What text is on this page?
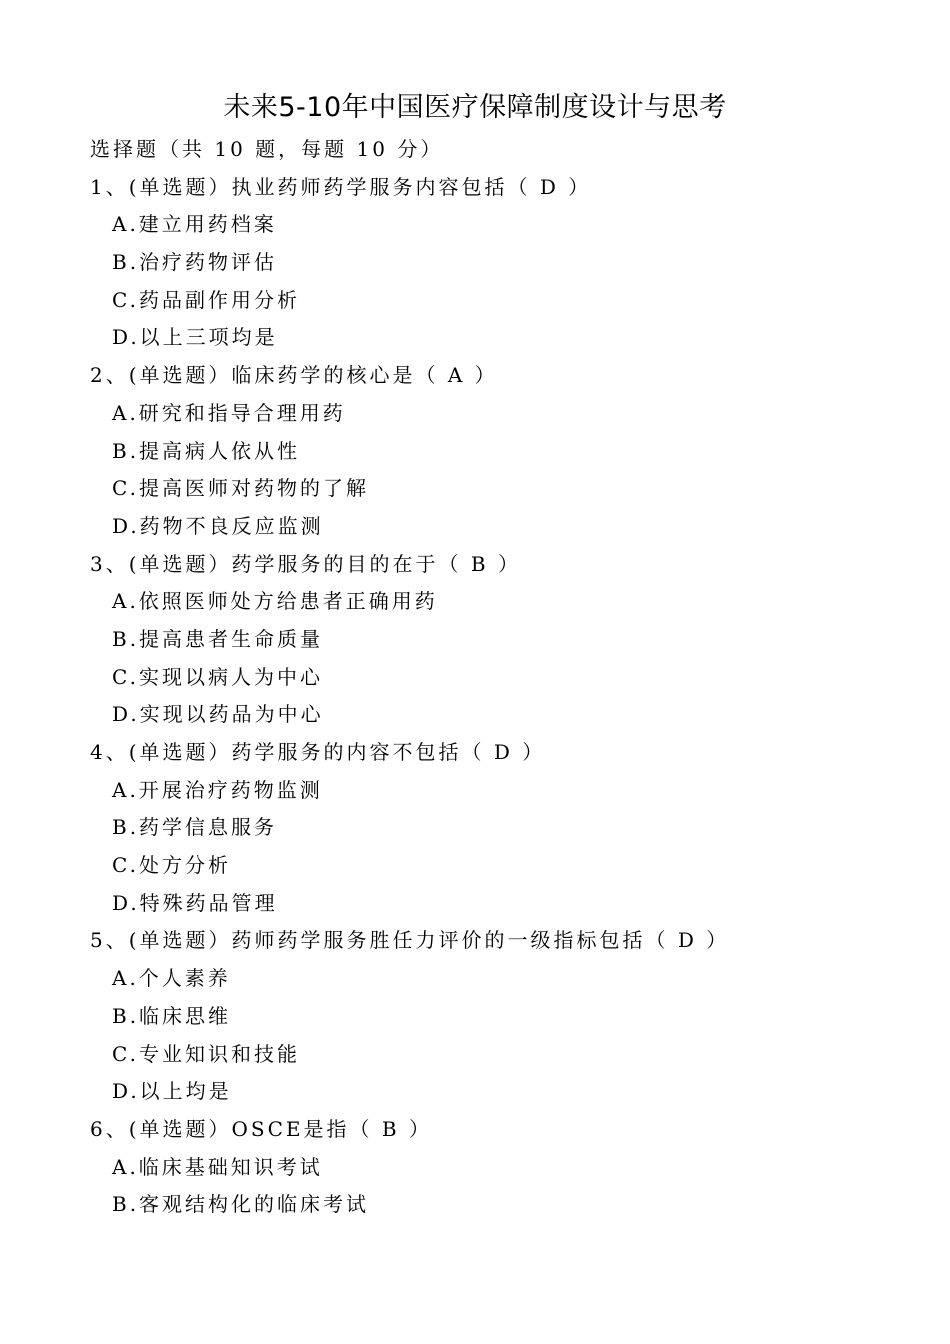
未来5-10年中国医疗保障制度设计与思考
选择题（共 10 题，每题 10 分）
1、(单选题）执业药师药学服务内容包括（ D ）
A.建立用药档案
B.治疗药物评估
C.药品副作用分析
D.以上三项均是
2、(单选题）临床药学的核心是（ A ）
A.研究和指导合理用药
B.提高病人依从性
C.提高医师对药物的了解
D.药物不良反应监测
3、(单选题）药学服务的目的在于（ B ）
A.依照医师处方给患者正确用药
B.提高患者生命质量
C.实现以病人为中心
D.实现以药品为中心
4、(单选题）药学服务的内容不包括（ D ）
A.开展治疗药物监测
B.药学信息服务
C.处方分析
D.特殊药品管理
5、(单选题）药师药学服务胜任力评价的一级指标包括（ D ）
A.个人素养
B.临床思维
C.专业知识和技能
D.以上均是
6、(单选题）OSCE是指（ B ）
A.临床基础知识考试
B.客观结构化的临床考试
